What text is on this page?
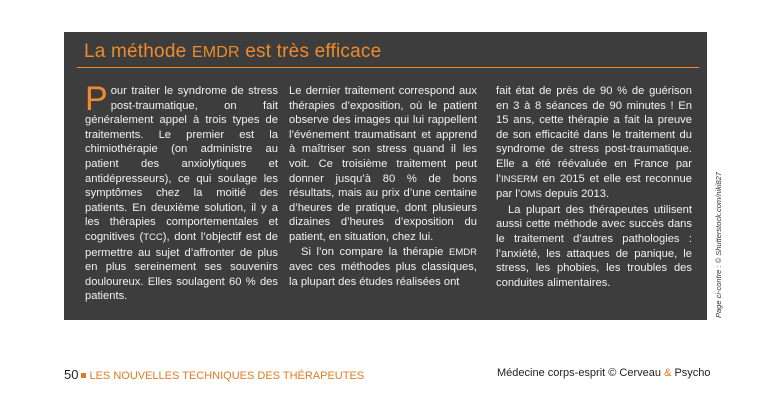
La méthode EMDR est très efficace

Pour traiter le syndrome de stress post-traumatique, on fait généralement appel à trois types de traitements. Le premier est la chimiothérapie (on administre au patient des anxiolytiques et antidépresseurs), ce qui soulage les symptômes chez la moitié des patients. En deuxième solution, il y a les thérapies comportementales et cognitives (TCC), dont l’objectif est de permettre au sujet d’affronter de plus en plus sereinement ses souvenirs douloureux. Elles soulagent 60 % des patients.

Le dernier traitement correspond aux thérapies d’exposition, où le patient observe des images qui lui rappellent l’événement traumatisant et apprend à maîtriser son stress quand il les voit. Ce troisième traitement peut donner jusqu’à 80 % de bons résultats, mais au prix d’une centaine d’heures de pratique, dont plusieurs dizaines d’heures d’exposition du patient, en situation, chez lui.

Si l’on compare la thérapie EMDR avec ces méthodes plus classiques, la plupart des études réalisées ont

fait état de près de 90 % de guérison en 3 à 8 séances de 90 minutes ! En 15 ans, cette thérapie a fait la preuve de son efficacité dans le traitement du syndrome de stress post-traumatique. Elle a été réévaluée en France par l’INSERM en 2015 et elle est reconnue par l’OMS depuis 2013.

La plupart des thérapeutes utilisent aussi cette méthode avec succès dans le traitement d’autres pathologies : l’anxiété, les attaques de panique, le stress, les phobies, les troubles des conduites alimentaires.	Page ci-contre : © Shutterstock.com/niki827
50 LES NOUVELLES TECHNIQUES DES THÉRAPEUTES	Médecine corps-esprit © Cerveau & Psycho
